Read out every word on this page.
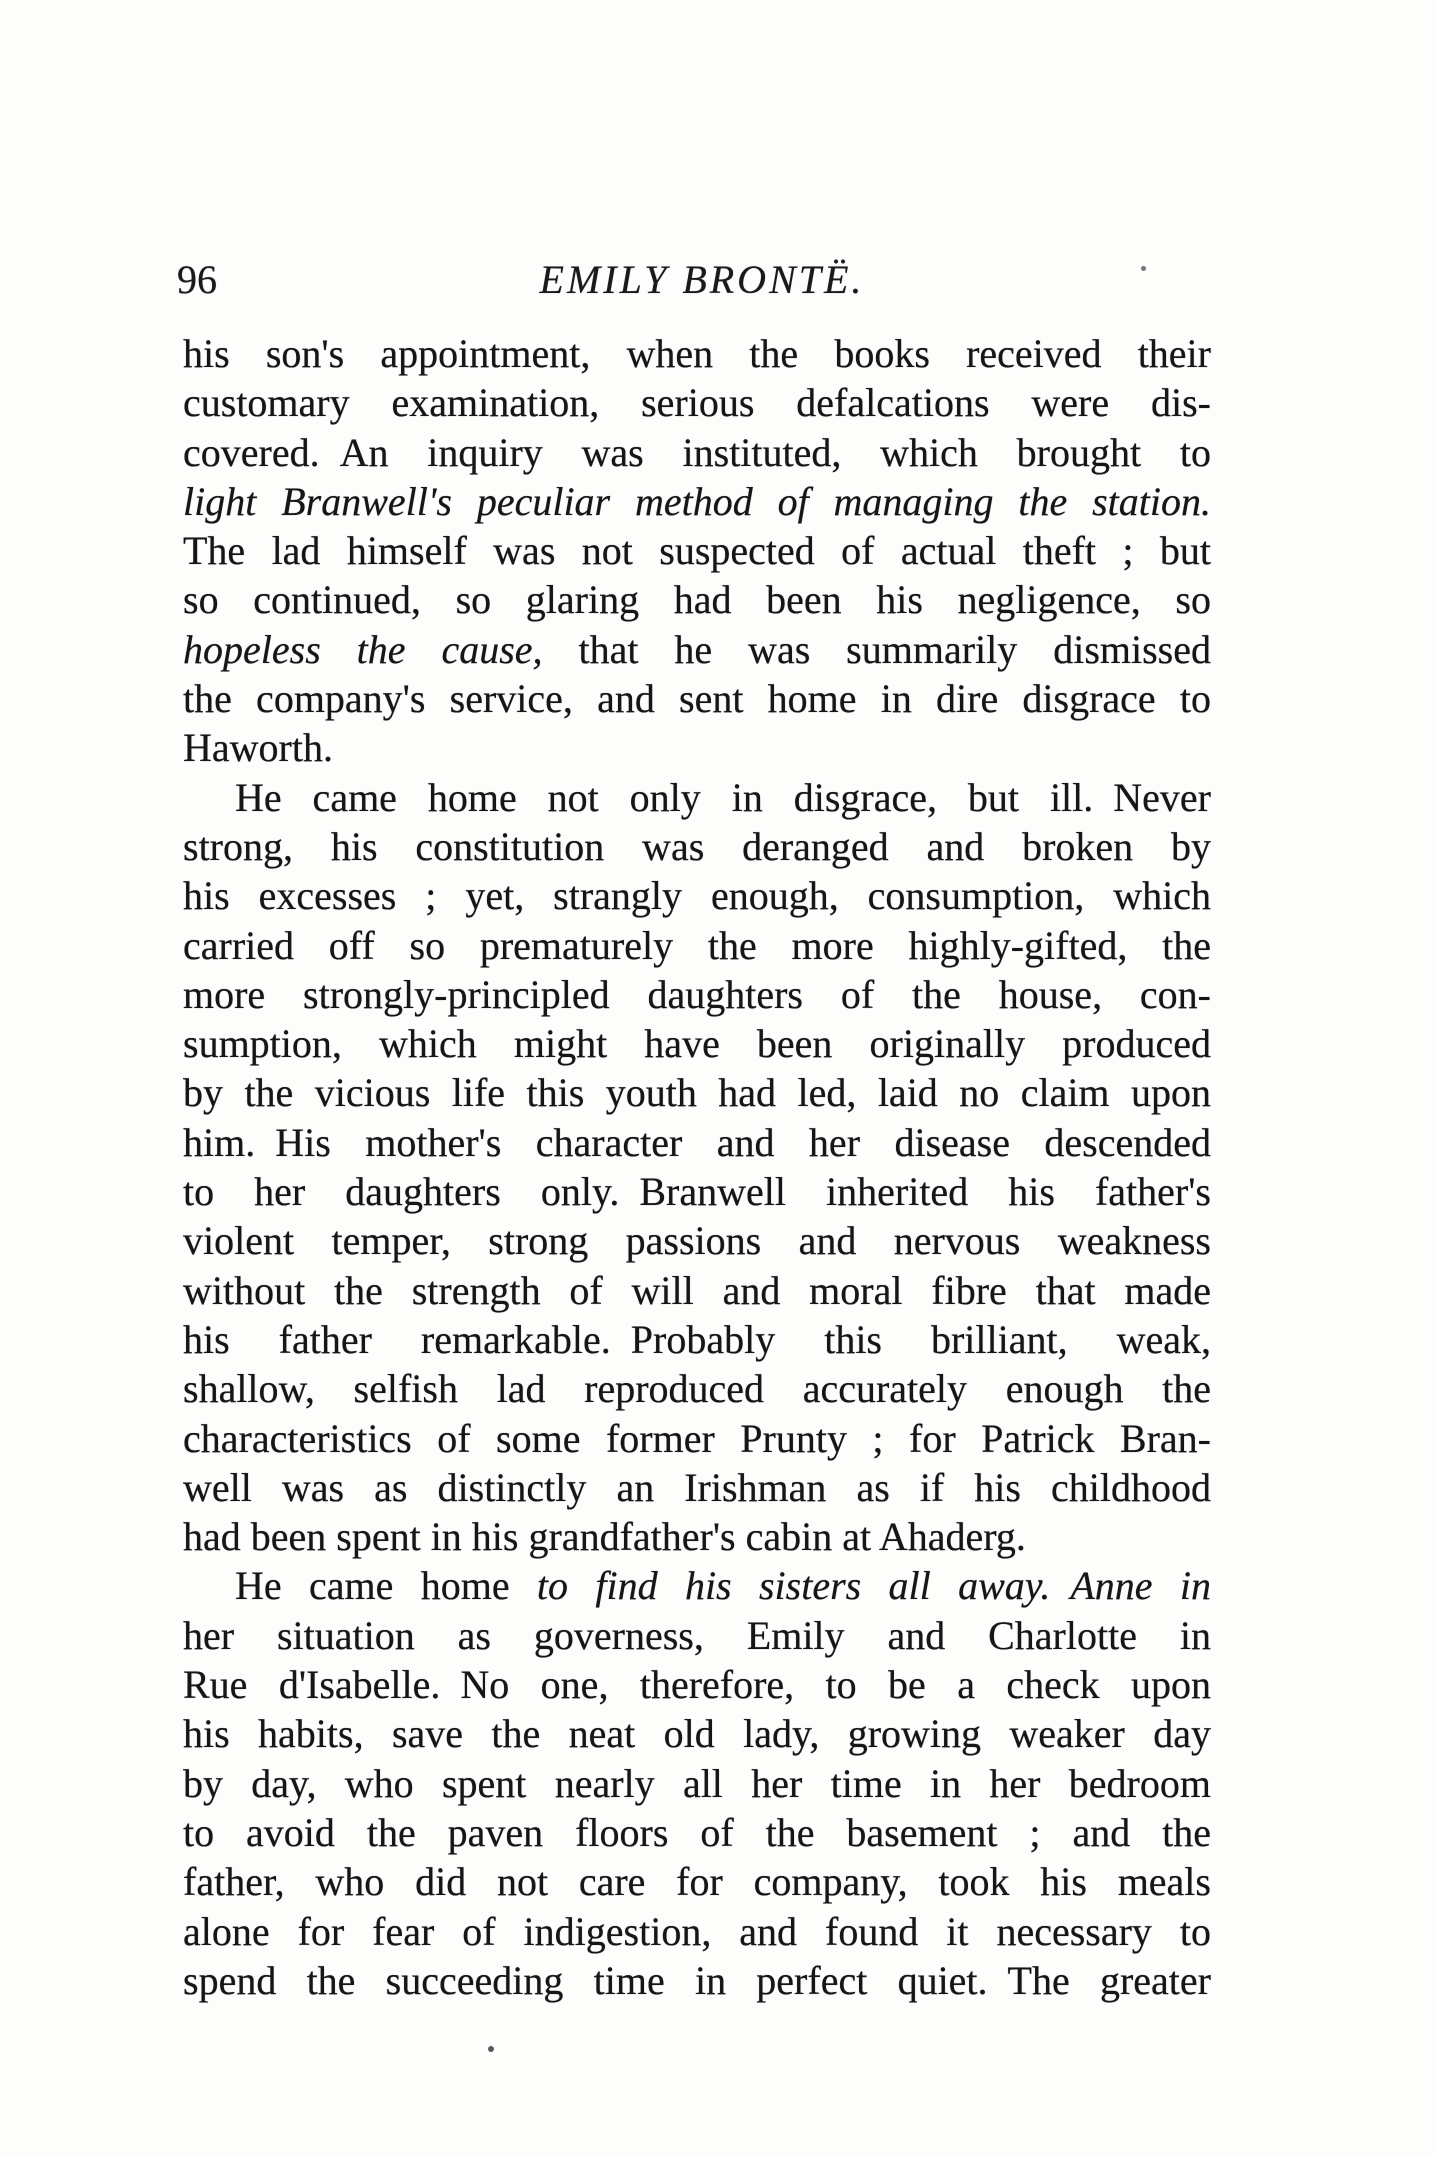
96	EMILY BRONTË.
his son's appointment, when the books received their
customary examination, serious defalcations were dis-
covered. An inquiry was instituted, which brought to
light Branwell's peculiar method of managing the station.
The lad himself was not suspected of actual theft ; but
so continued, so glaring had been his negligence, so
hopeless the cause, that he was summarily dismissed
the company's service, and sent home in dire disgrace to
Haworth.
He came home not only in disgrace, but ill. Never
strong, his constitution was deranged and broken by
his excesses ; yet, strangly enough, consumption, which
carried off so prematurely the more highly-gifted, the
more strongly-principled daughters of the house, con-
sumption, which might have been originally produced
by the vicious life this youth had led, laid no claim upon
him. His mother's character and her disease descended
to her daughters only. Branwell inherited his father's
violent temper, strong passions and nervous weakness
without the strength of will and moral fibre that made
his father remarkable. Probably this brilliant, weak,
shallow, selfish lad reproduced accurately enough the
characteristics of some former Prunty ; for Patrick Bran-
well was as distinctly an Irishman as if his childhood
had been spent in his grandfather's cabin at Ahaderg.
He came home to find his sisters all away. Anne in
her situation as governess, Emily and Charlotte in
Rue d'Isabelle. No one, therefore, to be a check upon
his habits, save the neat old lady, growing weaker day
by day, who spent nearly all her time in her bedroom
to avoid the paven floors of the basement ; and the
father, who did not care for company, took his meals
alone for fear of indigestion, and found it necessary to
spend the succeeding time in perfect quiet. The greater
